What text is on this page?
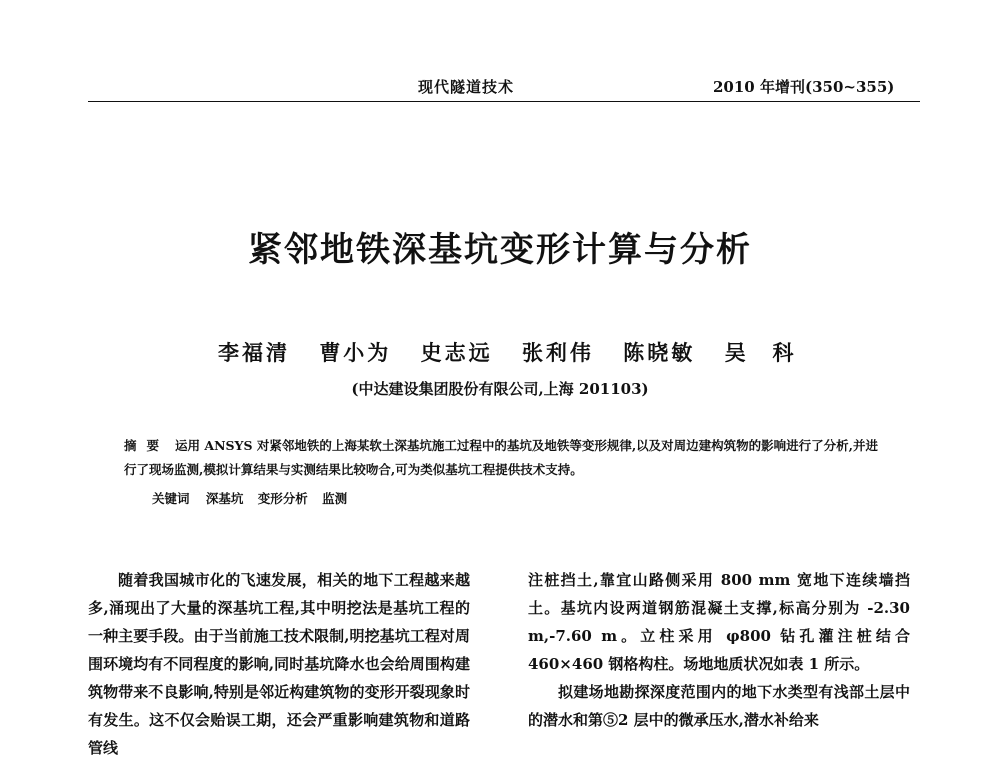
现代隧道技术	2010 年增刊(350~355)
紧邻地铁深基坑变形计算与分析
李福清 曹小为 史志远 张利伟 陈晓敏 吴　科
(中达建设集团股份有限公司,上海 201103)
摘要 运用 ANSYS 对紧邻地铁的上海某软土深基坑施工过程中的基坑及地铁等变形规律,以及对周边建构筑物的影响进行了分析,并进行了现场监测,模拟计算结果与实测结果比较吻合,可为类似基坑工程提供技术支持。
关键词 深基坑 变形分析 监测

随着我国城市化的飞速发展，相关的地下工程越来越多,涌现出了大量的深基坑工程,其中明挖法是基坑工程的一种主要手段。由于当前施工技术限制,明挖基坑工程对周围环境均有不同程度的影响,同时基坑降水也会给周围构建筑物带来不良影响,特别是邻近构建筑物的变形开裂现象时有发生。这不仅会贻误工期，还会严重影响建筑物和道路管线

注桩挡土,靠宜山路侧采用 800 mm 宽地下连续墙挡土。基坑内设两道钢筋混凝土支撑,标高分别为 -2.30 m,-7.60 m。立柱采用 φ800 钻孔灌注桩结合 460×460 钢格构柱。场地地质状况如表 1 所示。

拟建场地勘探深度范围内的地下水类型有浅部土层中的潜水和第⑤2 层中的微承压水,潜水补给来
